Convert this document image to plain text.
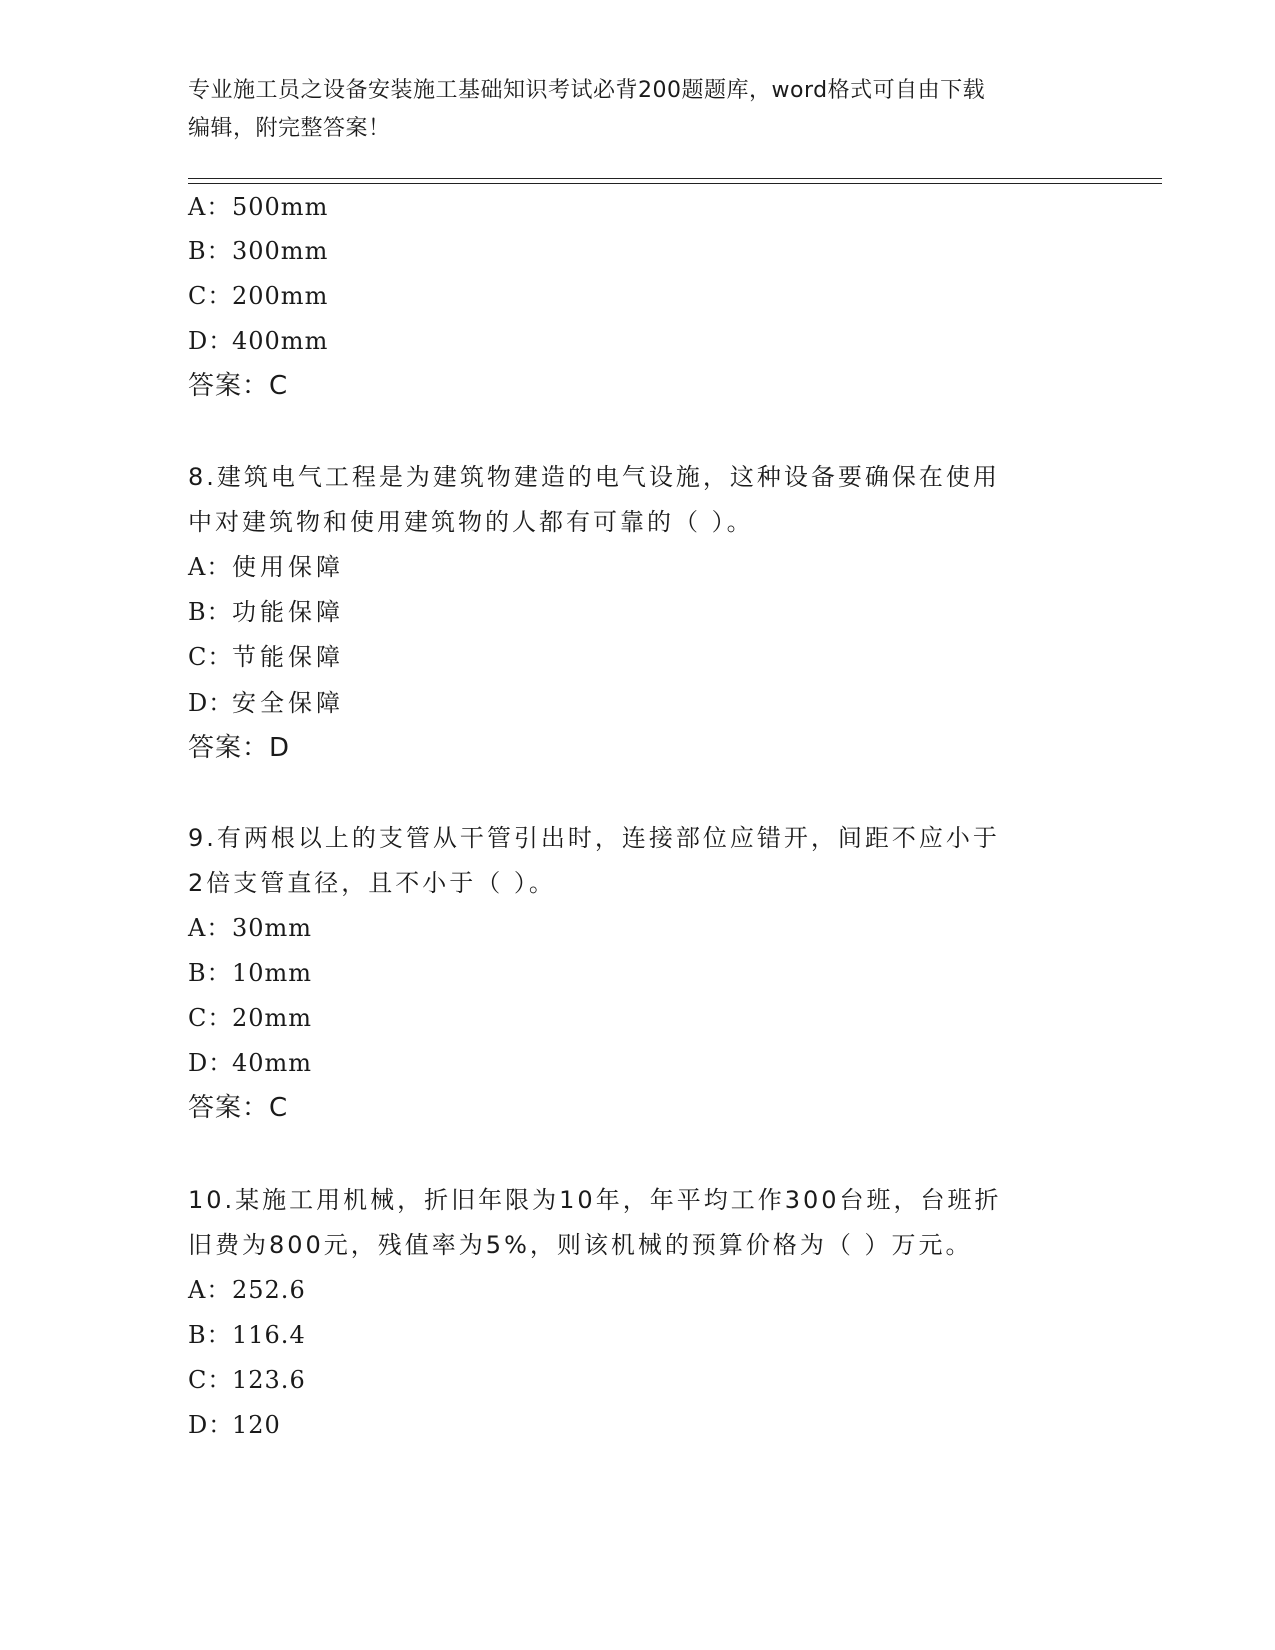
专业施工员之设备安装施工基础知识考试必背200题题库，word格式可自由下载
编辑，附完整答案！
A：500mm
B：300mm
C：200mm
D：400mm
答案：C
8.建筑电气工程是为建筑物建造的电气设施，这种设备要确保在使用
中对建筑物和使用建筑物的人都有可靠的（ ）。
A：使用保障
B：功能保障
C：节能保障
D：安全保障
答案：D
9.有两根以上的支管从干管引出时，连接部位应错开，间距不应小于
2倍支管直径，且不小于（ ）。
A：30mm
B：10mm
C：20mm
D：40mm
答案：C
10.某施工用机械，折旧年限为10年，年平均工作300台班，台班折
旧费为800元，残值率为5%，则该机械的预算价格为（ ）万元。
A：252.6
B：116.4
C：123.6
D：120
